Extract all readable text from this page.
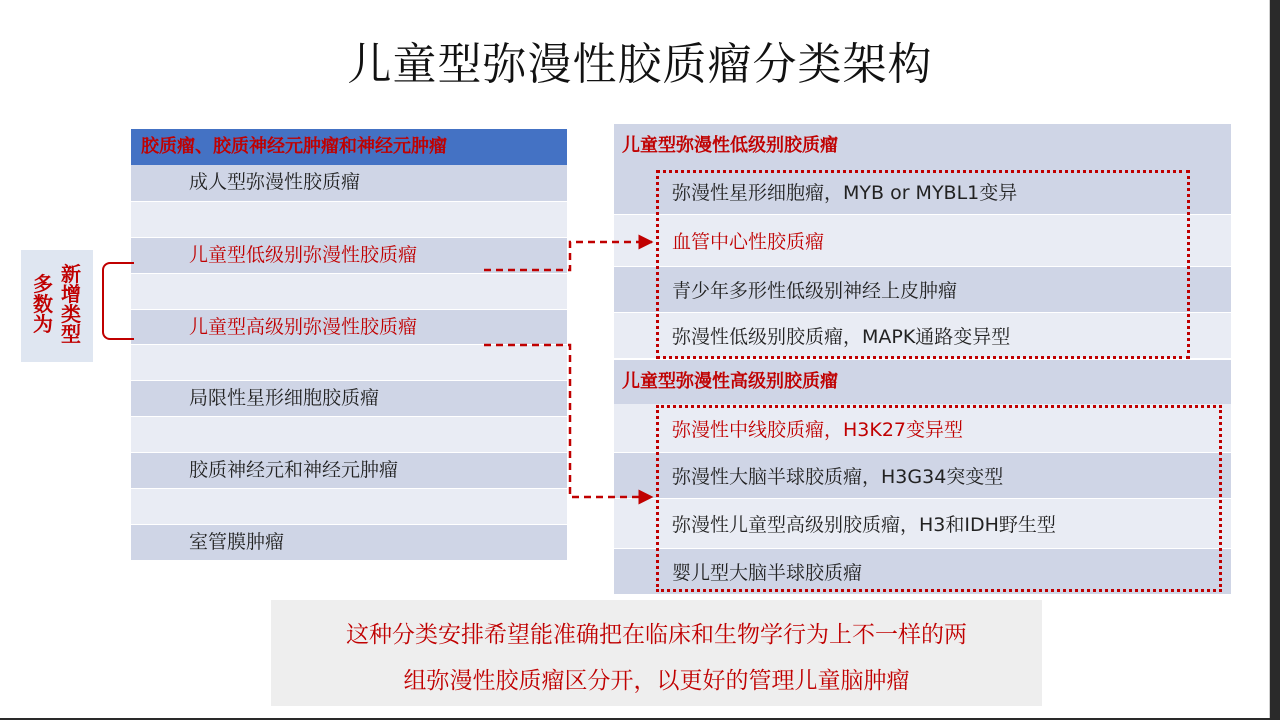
儿童型弥漫性胶质瘤分类架构
胶质瘤、胶质神经元肿瘤和神经元肿瘤
成人型弥漫性胶质瘤
儿童型低级别弥漫性胶质瘤
儿童型高级别弥漫性胶质瘤
局限性星形细胞胶质瘤
胶质神经元和神经元肿瘤
室管膜肿瘤
新增类型
多数为
儿童型弥漫性低级别胶质瘤
弥漫性星形细胞瘤，MYB or MYBL1变异
血管中心性胶质瘤
青少年多形性低级别神经上皮肿瘤
弥漫性低级别胶质瘤，MAPK通路变异型
儿童型弥漫性高级别胶质瘤
弥漫性中线胶质瘤，H3K27变异型
弥漫性大脑半球胶质瘤，H3G34突变型
弥漫性儿童型高级别胶质瘤，H3和IDH野生型
婴儿型大脑半球胶质瘤
这种分类安排希望能准确把在临床和生物学行为上不一样的两
组弥漫性胶质瘤区分开，以更好的管理儿童脑肿瘤
